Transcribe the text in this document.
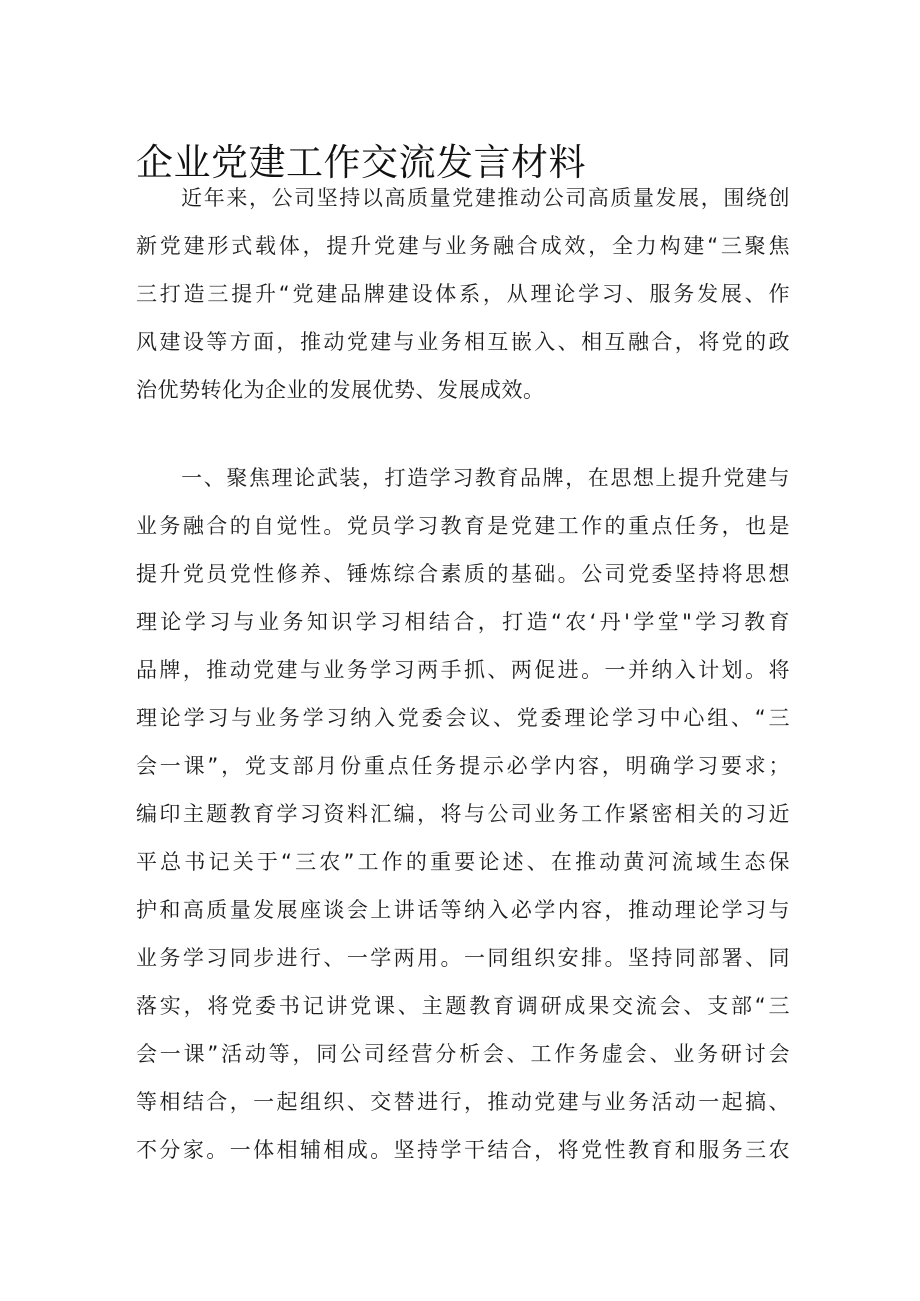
企业党建工作交流发言材料
　　近年来，公司坚持以高质量党建推动公司高质量发展，围绕创
新党建形式载体，提升党建与业务融合成效，全力构建“三聚焦
三打造三提升“党建品牌建设体系，从理论学习、服务发展、作
风建设等方面，推动党建与业务相互嵌入、相互融合，将党的政
治优势转化为企业的发展优势、发展成效。
　　一、聚焦理论武装，打造学习教育品牌，在思想上提升党建与
业务融合的自觉性。党员学习教育是党建工作的重点任务，也是
提升党员党性修养、锤炼综合素质的基础。公司党委坚持将思想
理论学习与业务知识学习相结合，打造“农‘丹'学堂"学习教育
品牌，推动党建与业务学习两手抓、两促进。一并纳入计划。将
理论学习与业务学习纳入党委会议、党委理论学习中心组、“三
会一课”，党支部月份重点任务提示必学内容，明确学习要求；
编印主题教育学习资料汇编，将与公司业务工作紧密相关的习近
平总书记关于“三农”工作的重要论述、在推动黄河流域生态保
护和高质量发展座谈会上讲话等纳入必学内容，推动理论学习与
业务学习同步进行、一学两用。一同组织安排。坚持同部署、同
落实，将党委书记讲党课、主题教育调研成果交流会、支部“三
会一课”活动等，同公司经营分析会、工作务虚会、业务研讨会
等相结合，一起组织、交替进行，推动党建与业务活动一起搞、
不分家。一体相辅相成。坚持学干结合，将党性教育和服务三农
